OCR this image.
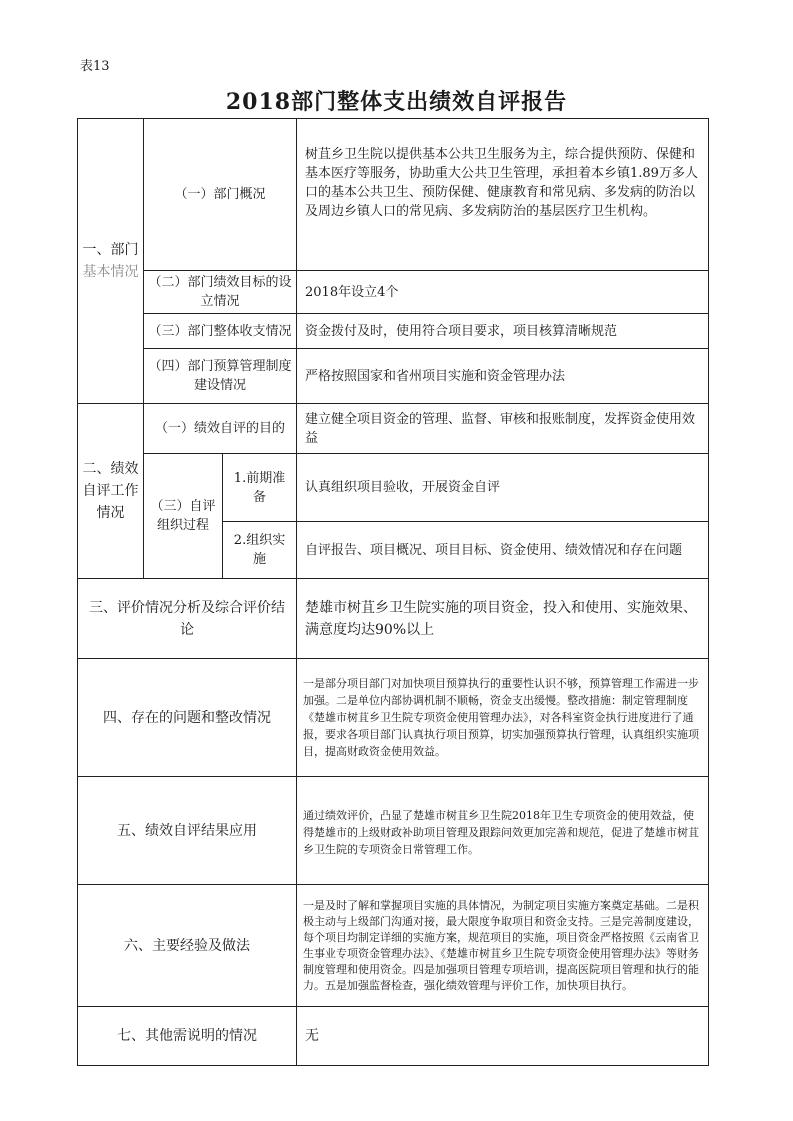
表13
2018部门整体支出绩效自评报告
一、部门
基本情况
（一）部门概况
树苴乡卫生院以提供基本公共卫生服务为主，综合提供预防、保健和基本医疗等服务，协助重大公共卫生管理，承担着本乡镇1.89万多人口的基本公共卫生、预防保健、健康教育和常见病、多发病的防治以及周边乡镇人口的常见病、多发病防治的基层医疗卫生机构。
（二）部门绩效目标的设立情况
2018年设立4个
（三）部门整体收支情况 资金拨付及时，使用符合项目要求，项目核算清晰规范
（四）部门预算管理制度建设情况
严格按照国家和省州项目实施和资金管理办法
二、绩效自评工作情况
（一）绩效自评的目的
建立健全项目资金的管理、监督、审核和报账制度，发挥资金使用效益
（三）自评组织过程
1.前期准备
认真组织项目验收，开展资金自评
2.组织实施
自评报告、项目概况、项目目标、资金使用、绩效情况和存在问题
三、评价情况分析及综合评价结论
楚雄市树苴乡卫生院实施的项目资金，投入和使用、实施效果、满意度均达90%以上
四、存在的问题和整改情况
一是部分项目部门对加快项目预算执行的重要性认识不够，预算管理工作需进一步加强。二是单位内部协调机制不顺畅，资金支出缓慢。整改措施：制定管理制度《楚雄市树苴乡卫生院专项资金使用管理办法》，对各科室资金执行进度进行了通报，要求各项目部门认真执行项目预算，切实加强预算执行管理，认真组织实施项目，提高财政资金使用效益。
五、绩效自评结果应用
通过绩效评价，凸显了楚雄市树苴乡卫生院2018年卫生专项资金的使用效益，使得楚雄市的上级财政补助项目管理及跟踪问效更加完善和规范，促进了楚雄市树苴乡卫生院的专项资金日常管理工作。
六、主要经验及做法
一是及时了解和掌握项目实施的具体情况，为制定项目实施方案奠定基础。二是积极主动与上级部门沟通对接，最大限度争取项目和资金支持。三是完善制度建设，每个项目均制定详细的实施方案，规范项目的实施，项目资金严格按照《云南省卫生事业专项资金管理办法》、《楚雄市树苴乡卫生院专项资金使用管理办法》等财务制度管理和使用资金。四是加强项目管理专项培训，提高医院项目管理和执行的能力。五是加强监督检查，强化绩效管理与评价工作，加快项目执行。
七、其他需说明的情况	无
